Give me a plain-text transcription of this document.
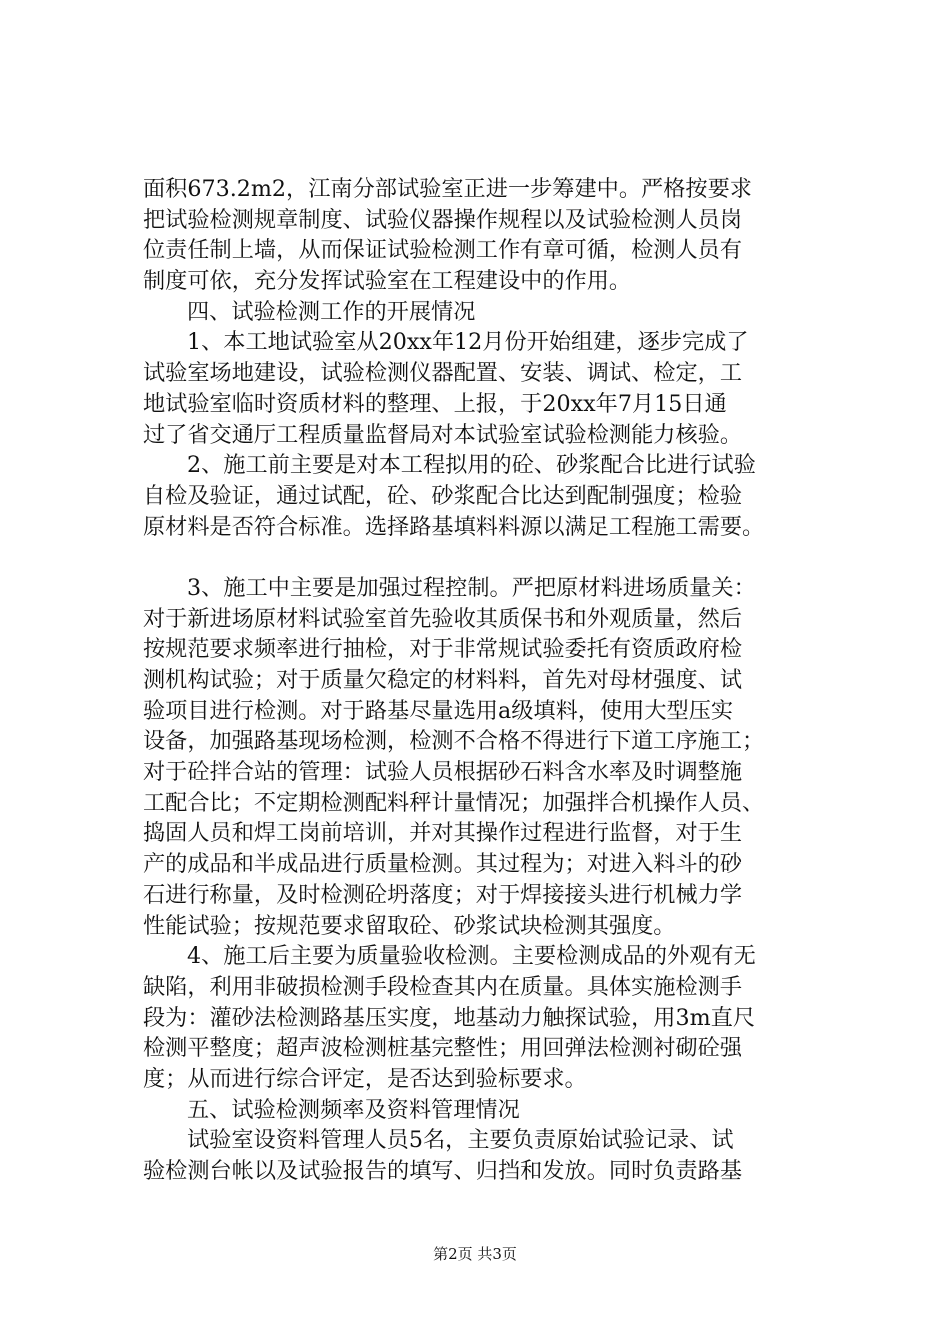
面积673.2m2，江南分部试验室正进一步筹建中。严格按要求
把试验检测规章制度、试验仪器操作规程以及试验检测人员岗
位责任制上墙，从而保证试验检测工作有章可循，检测人员有
制度可依，充分发挥试验室在工程建设中的作用。
四、试验检测工作的开展情况
1、本工地试验室从20xx年12月份开始组建，逐步完成了
试验室场地建设，试验检测仪器配置、安装、调试、检定，工
地试验室临时资质材料的整理、上报，于20xx年7月15日通
过了省交通厅工程质量监督局对本试验室试验检测能力核验。
2、施工前主要是对本工程拟用的砼、砂浆配合比进行试验
自检及验证，通过试配，砼、砂浆配合比达到配制强度；检验
原材料是否符合标准。选择路基填料料源以满足工程施工需要。
3、施工中主要是加强过程控制。严把原材料进场质量关：
对于新进场原材料试验室首先验收其质保书和外观质量，然后
按规范要求频率进行抽检，对于非常规试验委托有资质政府检
测机构试验；对于质量欠稳定的材料料，首先对母材强度、试
验项目进行检测。对于路基尽量选用a级填料，使用大型压实
设备，加强路基现场检测，检测不合格不得进行下道工序施工；
对于砼拌合站的管理：试验人员根据砂石料含水率及时调整施
工配合比；不定期检测配料秤计量情况；加强拌合机操作人员、
捣固人员和焊工岗前培训，并对其操作过程进行监督，对于生
产的成品和半成品进行质量检测。其过程为；对进入料斗的砂
石进行称量，及时检测砼坍落度；对于焊接接头进行机械力学
性能试验；按规范要求留取砼、砂浆试块检测其强度。
4、施工后主要为质量验收检测。主要检测成品的外观有无
缺陷，利用非破损检测手段检查其内在质量。具体实施检测手
段为：灌砂法检测路基压实度，地基动力触探试验，用3m直尺
检测平整度；超声波检测桩基完整性；用回弹法检测衬砌砼强
度；从而进行综合评定，是否达到验标要求。
五、试验检测频率及资料管理情况
试验室设资料管理人员5名，主要负责原始试验记录、试
验检测台帐以及试验报告的填写、归挡和发放。同时负责路基
第2页 共3页
